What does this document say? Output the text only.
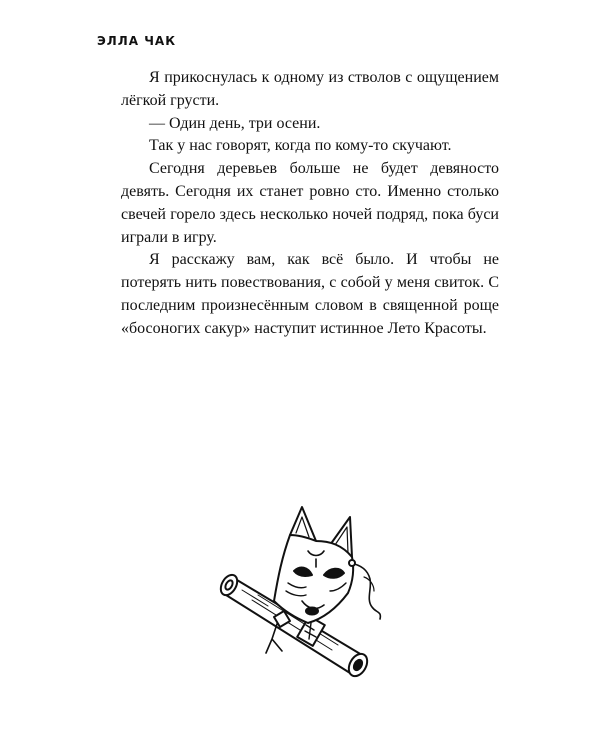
ЭЛЛА ЧАК

Я прикоснулась к одному из стволов с ощущением лёгкой грусти.

— Один день, три осени.

Так у нас говорят, когда по кому-то скучают.

Сегодня деревьев больше не будет девяносто девять. Сегодня их станет ровно сто. Именно столько свечей горело здесь несколько ночей подряд, пока буси играли в игру.

Я расскажу вам, как всё было. И чтобы не потерять нить повествования, с собой у меня свиток. С последним произнесённым словом в священной роще «босоногих сакур» наступит истинное Лето Красоты.
